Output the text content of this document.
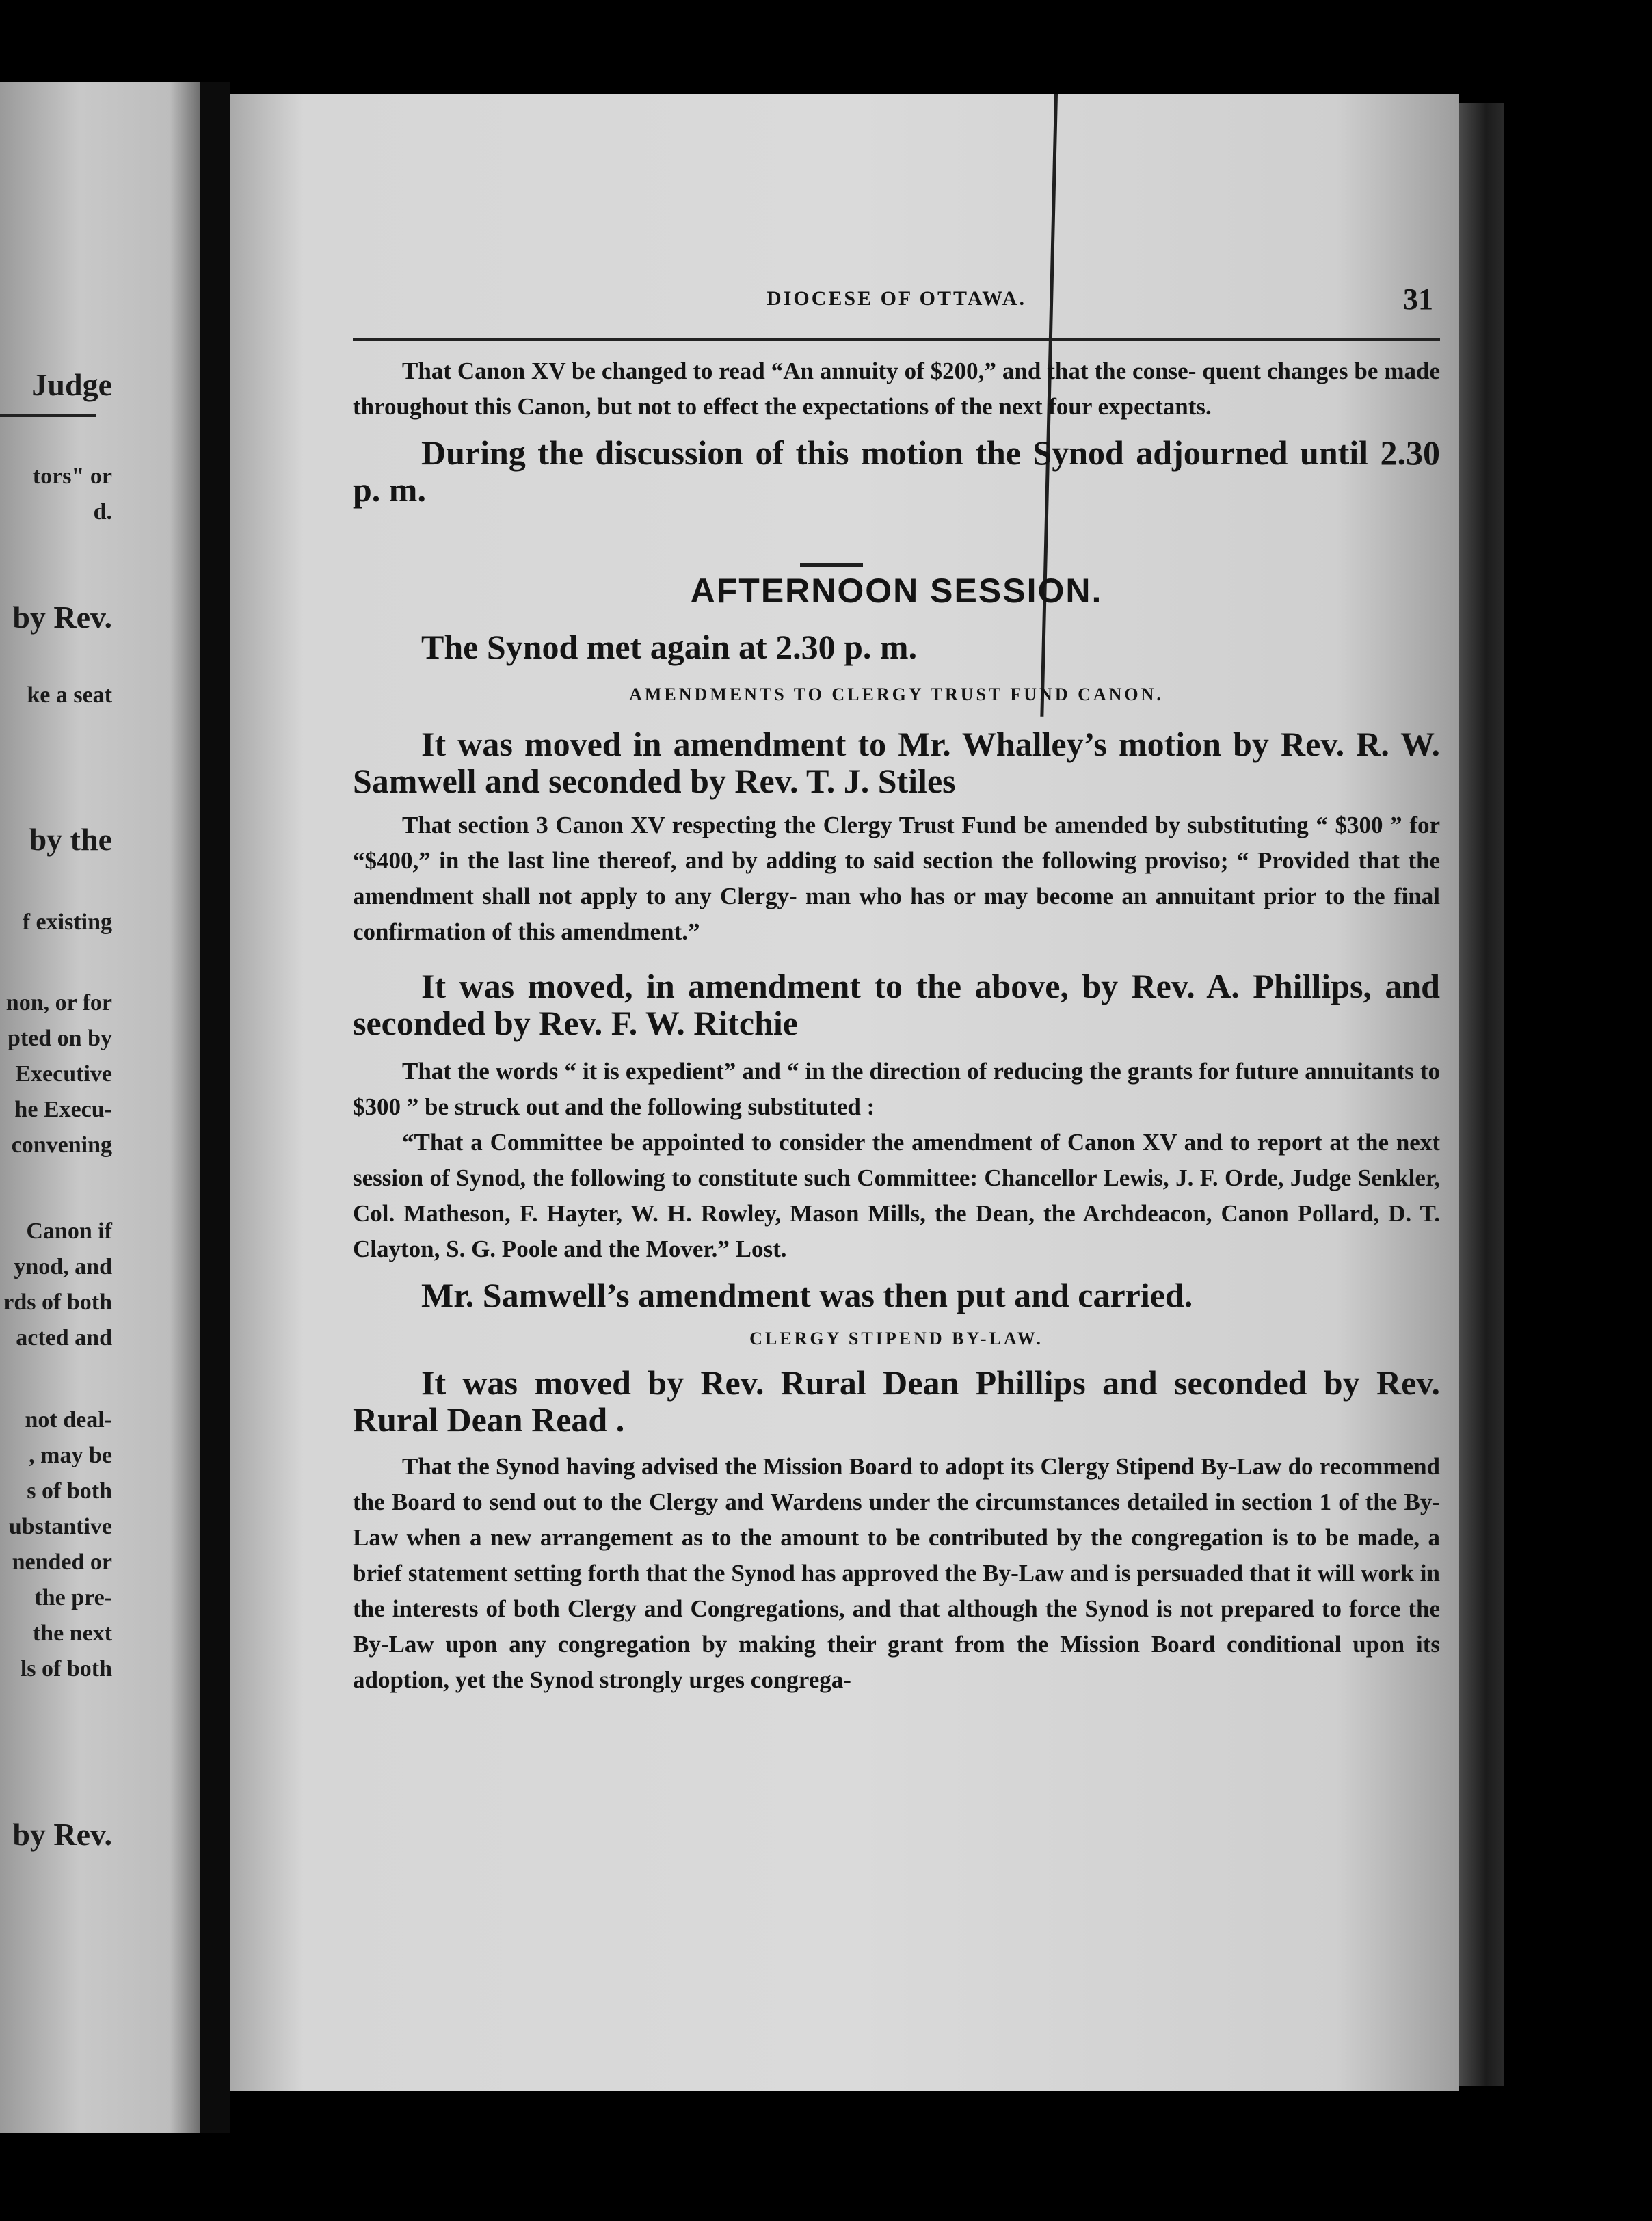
Judge
tors" or
d.
by Rev.
ke a seat
by the
f existing
non, or for
pted on by
Executive
he Execu-
convening
Canon if
ynod, and
rds of both
acted and
not deal-
, may be
s of both
ubstantive
nended or
the pre-
the next
ls of both
by Rev.
DIOCESE OF OTTAWA.	31

That Canon XV be changed to read “An annuity of $200,” and that the conse- quent changes be made throughout this Canon, but not to effect the expectations of the next four expectants.

During the discussion of this motion the Synod adjourned until 2.30 p. m.

AFTERNOON SESSION.

The Synod met again at 2.30 p. m.

AMENDMENTS TO CLERGY TRUST FUND CANON.

It was moved in amendment to Mr. Whalley’s motion by Rev. R. W. Samwell and seconded by Rev. T. J. Stiles

That section 3 Canon XV respecting the Clergy Trust Fund be amended by substituting “ $300 ” for “$400,” in the last line thereof, and by adding to said section the following proviso; “ Provided that the amendment shall not apply to any Clergy- man who has or may become an annuitant prior to the final confirmation of this amendment.”

It was moved, in amendment to the above, by Rev. A. Phillips, and seconded by Rev. F. W. Ritchie

That the words “ it is expedient” and “ in the direction of reducing the grants for future annuitants to $300 ” be struck out and the following substituted :

“That a Committee be appointed to consider the amendment of Canon XV and to report at the next session of Synod, the following to constitute such Committee: Chancellor Lewis, J. F. Orde, Judge Senkler, Col. Matheson, F. Hayter, W. H. Rowley, Mason Mills, the Dean, the Archdeacon, Canon Pollard, D. T. Clayton, S. G. Poole and the Mover.” Lost.

Mr. Samwell’s amendment was then put and carried.

CLERGY STIPEND BY-LAW.

It was moved by Rev. Rural Dean Phillips and seconded by Rev. Rural Dean Read .

That the Synod having advised the Mission Board to adopt its Clergy Stipend By-Law do recommend the Board to send out to the Clergy and Wardens under the circumstances detailed in section 1 of the By-Law when a new arrangement as to the amount to be contributed by the congregation is to be made, a brief statement setting forth that the Synod has approved the By-Law and is persuaded that it will work in the interests of both Clergy and Congregations, and that although the Synod is not prepared to force the By-Law upon any congregation by making their grant from the Mission Board conditional upon its adoption, yet the Synod strongly urges congrega-
